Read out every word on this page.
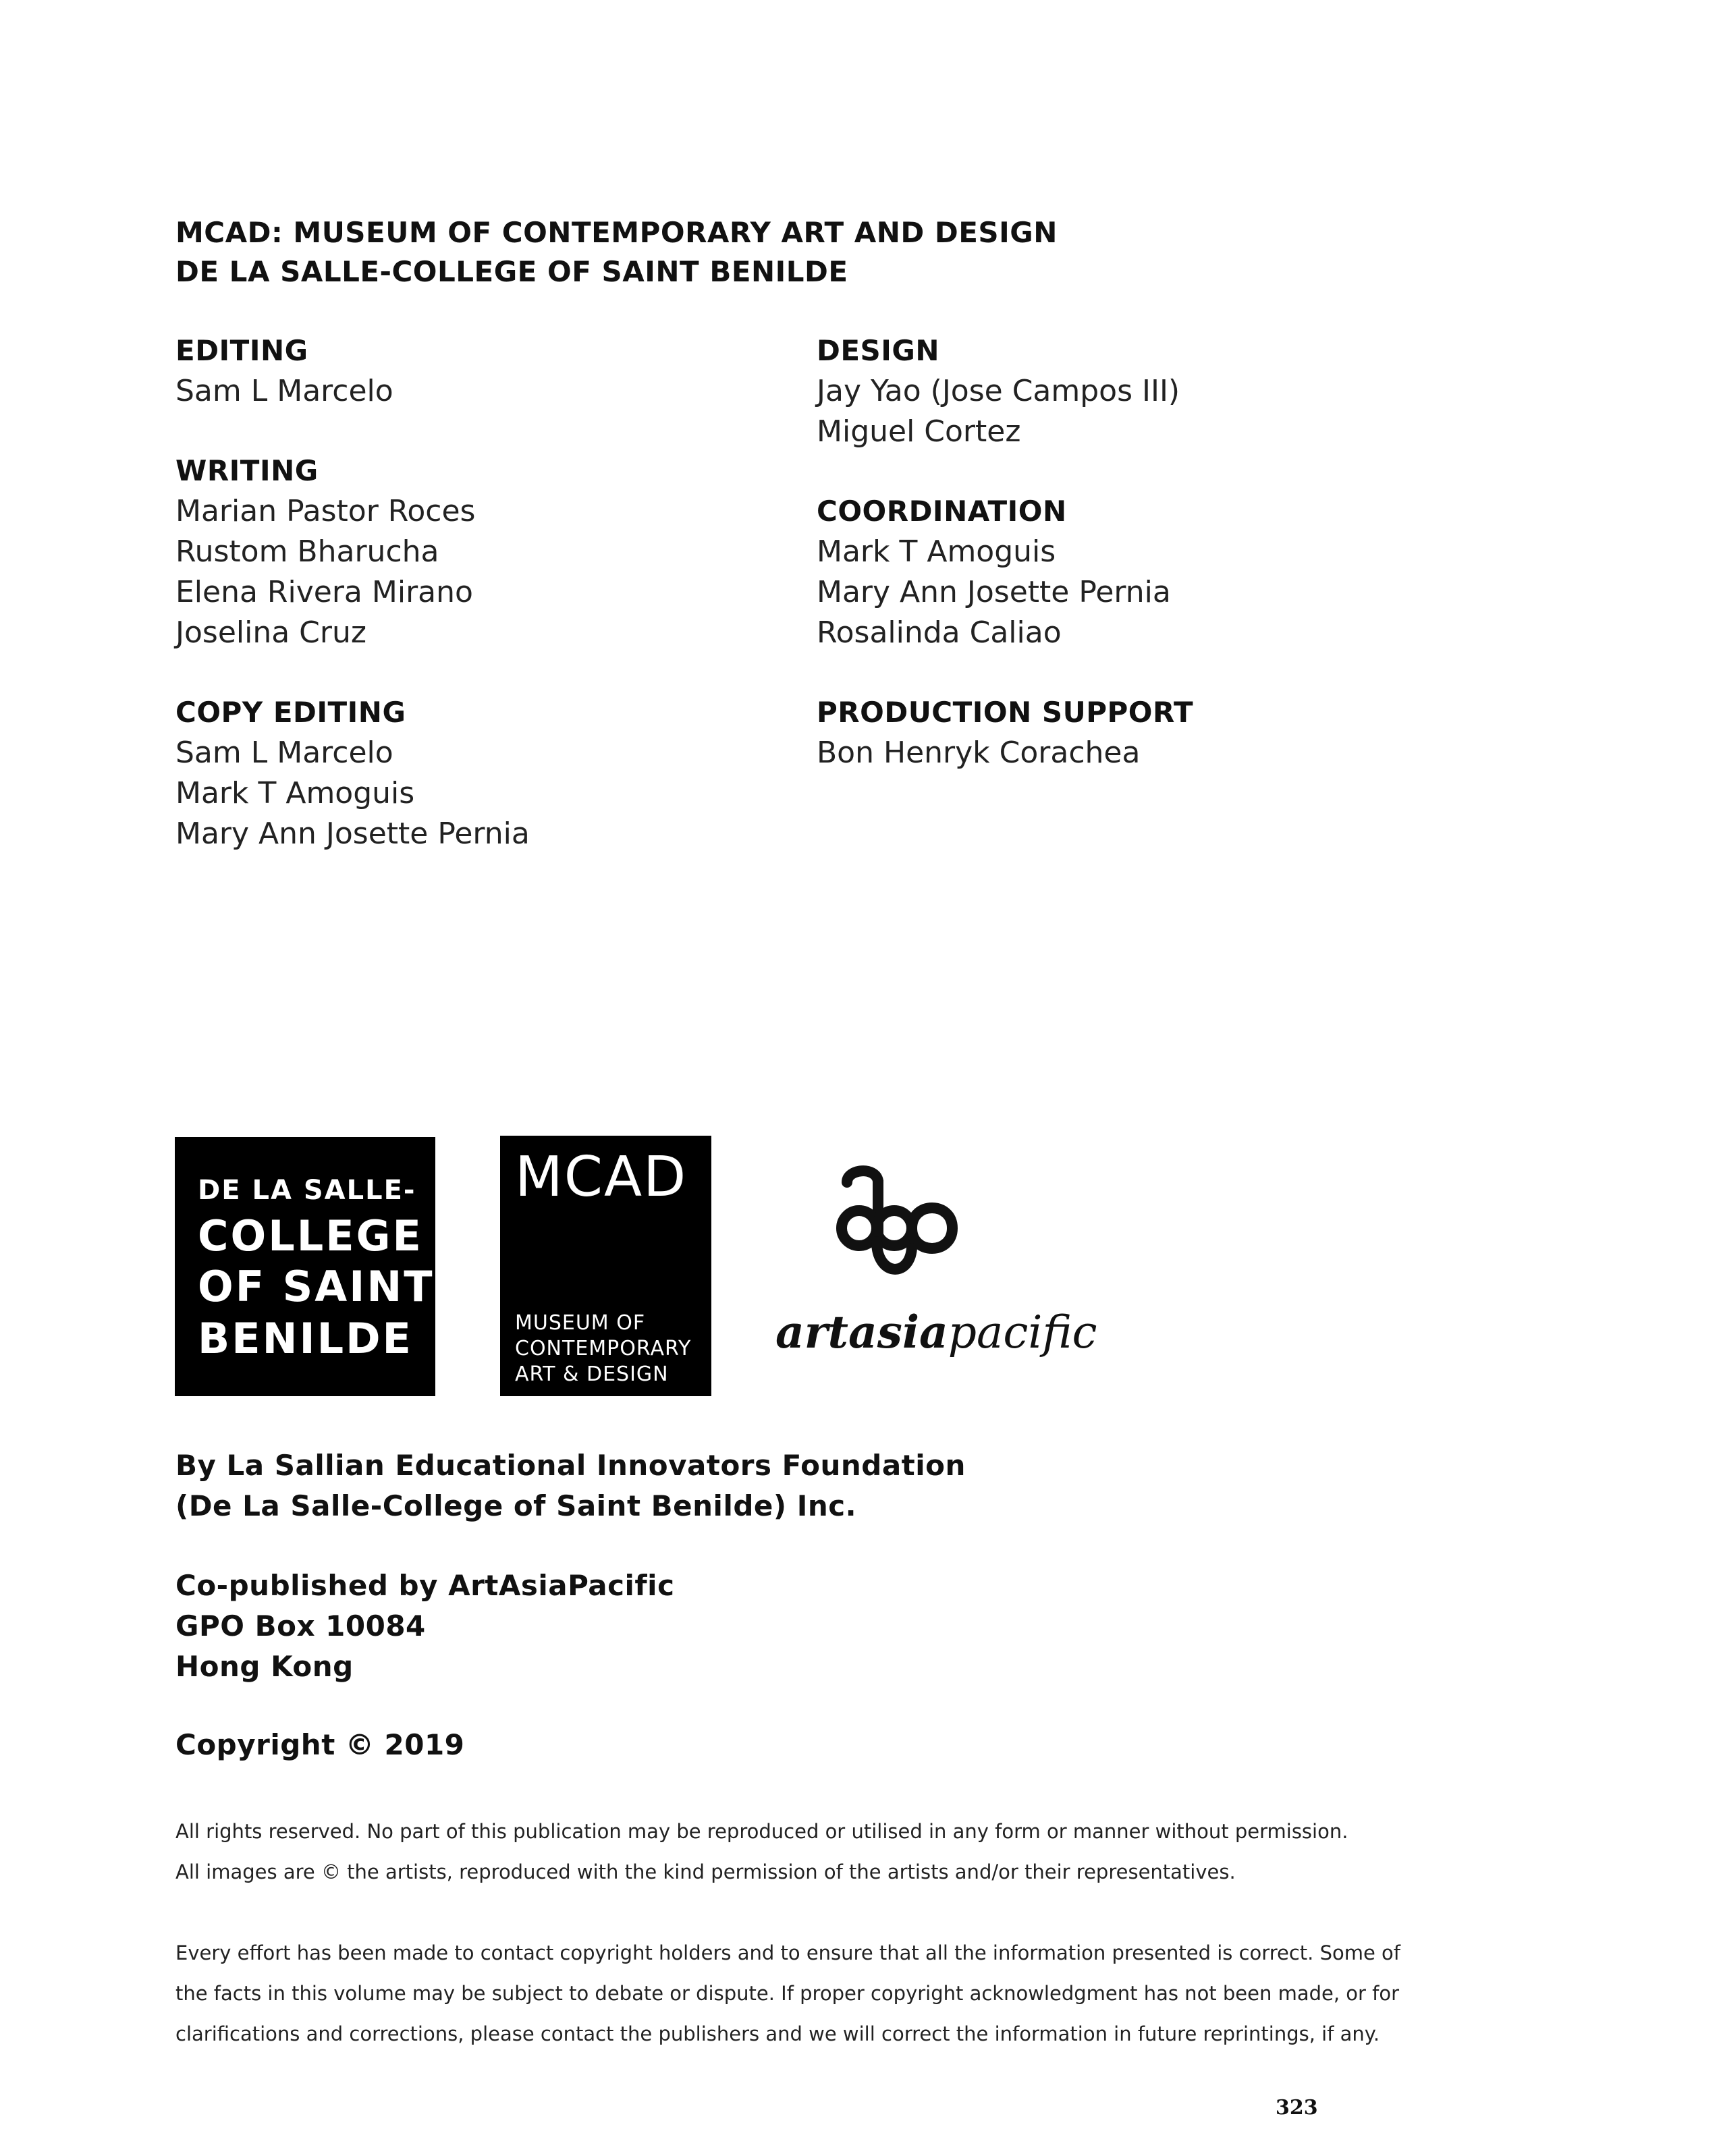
MCAD: MUSEUM OF CONTEMPORARY ART AND DESIGN
DE LA SALLE-COLLEGE OF SAINT BENILDE

EDITING

Sam L Marcelo

WRITING

Marian Pastor Roces

Rustom Bharucha

Elena Rivera Mirano

Joselina Cruz

COPY EDITING

Sam L Marcelo

Mark T Amoguis

Mary Ann Josette Pernia

DESIGN

Jay Yao (Jose Campos III)

Miguel Cortez

COORDINATION

Mark T Amoguis

Mary Ann Josette Pernia

Rosalinda Caliao

PRODUCTION SUPPORT

Bon Henryk Corachea

DE LA SALLE-
COLLEGE
OF SAINT
BENILDE
MCAD
MUSEUM OF
CONTEMPORARY
ART & DESIGN
artasiapacific

By La Sallian Educational Innovators Foundation

(De La Salle-College of Saint Benilde) Inc.

Co-published by ArtAsiaPacific

GPO Box 10084

Hong Kong

Copyright © 2019

All rights reserved. No part of this publication may be reproduced or utilised in any form or manner without permission.

All images are © the artists, reproduced with the kind permission of the artists and/or their representatives.

Every effort has been made to contact copyright holders and to ensure that all the information presented is correct. Some of

the facts in this volume may be subject to debate or dispute. If proper copyright acknowledgment has not been made, or for

clarifications and corrections, please contact the publishers and we will correct the information in future reprintings, if any.

323
